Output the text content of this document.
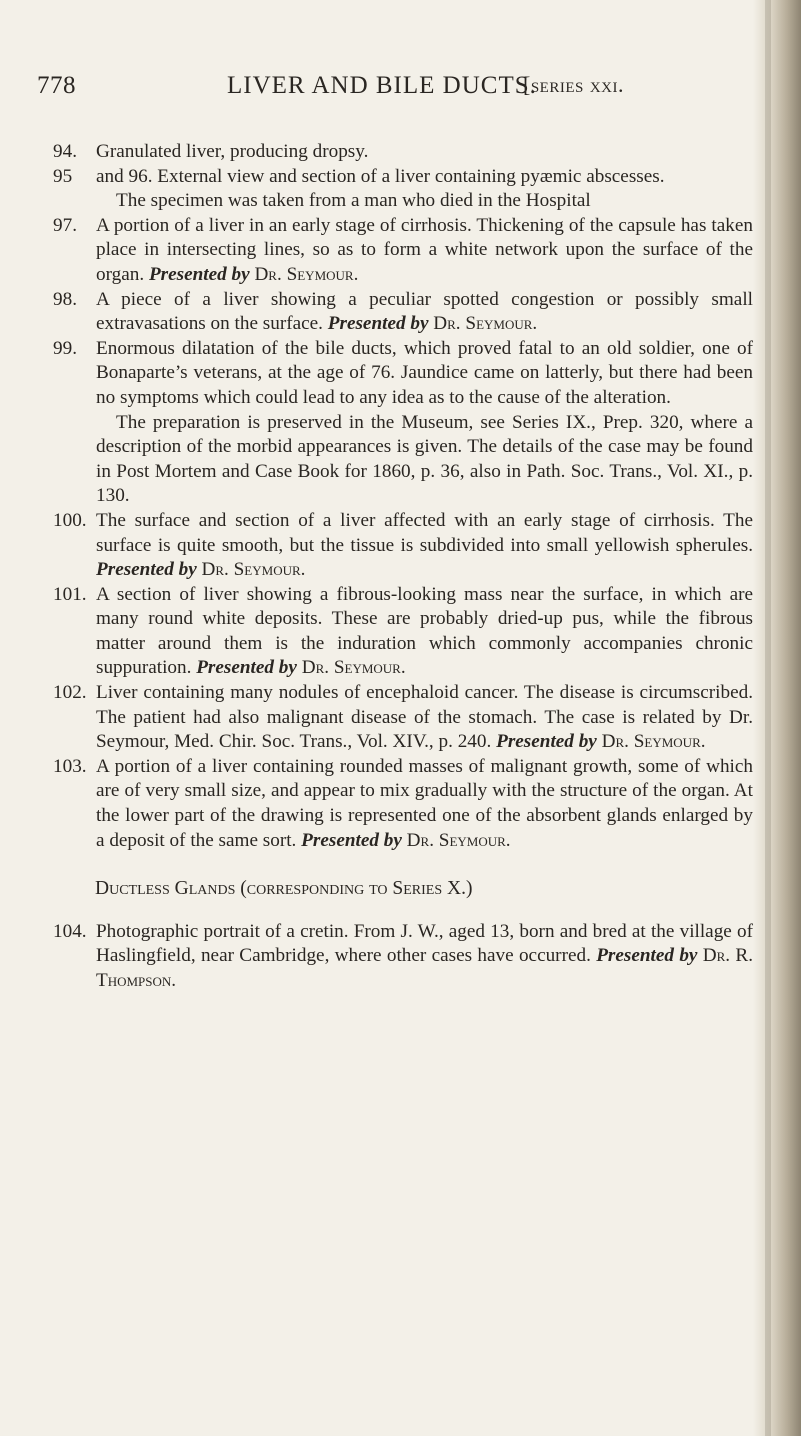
778	LIVER AND BILE DUCTS.
[series xxi.
94. Granulated liver, producing dropsy.

95 and 96. External view and section of a liver containing pyæmic abscesses.

The specimen was taken from a man who died in the Hospital

97. A portion of a liver in an early stage of cirrhosis. Thickening of the capsule has taken place in intersecting lines, so as to form a white network upon the surface of the organ. Presented by Dr. Seymour.

98. A piece of a liver showing a peculiar spotted congestion or possibly small extravasations on the surface. Presented by Dr. Seymour.

99. Enormous dilatation of the bile ducts, which proved fatal to an old soldier, one of Bonaparte’s veterans, at the age of 76. Jaundice came on latterly, but there had been no symptoms which could lead to any idea as to the cause of the alteration.

The preparation is preserved in the Museum, see Series IX., Prep. 320, where a description of the morbid appearances is given. The details of the case may be found in Post Mortem and Case Book for 1860, p. 36, also in Path. Soc. Trans., Vol. XI., p. 130.

100. The surface and section of a liver affected with an early stage of cirrhosis. The surface is quite smooth, but the tissue is subdivided into small yellowish spherules. Presented by Dr. Seymour.

101. A section of liver showing a fibrous-looking mass near the surface, in which are many round white deposits. These are probably dried-up pus, while the fibrous matter around them is the induration which commonly accompanies chronic suppuration. Presented by Dr. Seymour.

102. Liver containing many nodules of encephaloid cancer. The disease is circumscribed. The patient had also malignant disease of the stomach. The case is related by Dr. Seymour, Med. Chir. Soc. Trans., Vol. XIV., p. 240. Presented by Dr. Seymour.

103. A portion of a liver containing rounded masses of malignant growth, some of which are of very small size, and appear to mix gradually with the structure of the organ. At the lower part of the drawing is represented one of the absorbent glands enlarged by a deposit of the same sort. Presented by Dr. Seymour.

Ductless Glands (corresponding to Series X.)
104. Photographic portrait of a cretin. From J. W., aged 13, born and bred at the village of Haslingfield, near Cambridge, where other cases have occurred. Presented by Dr. R. Thompson.
